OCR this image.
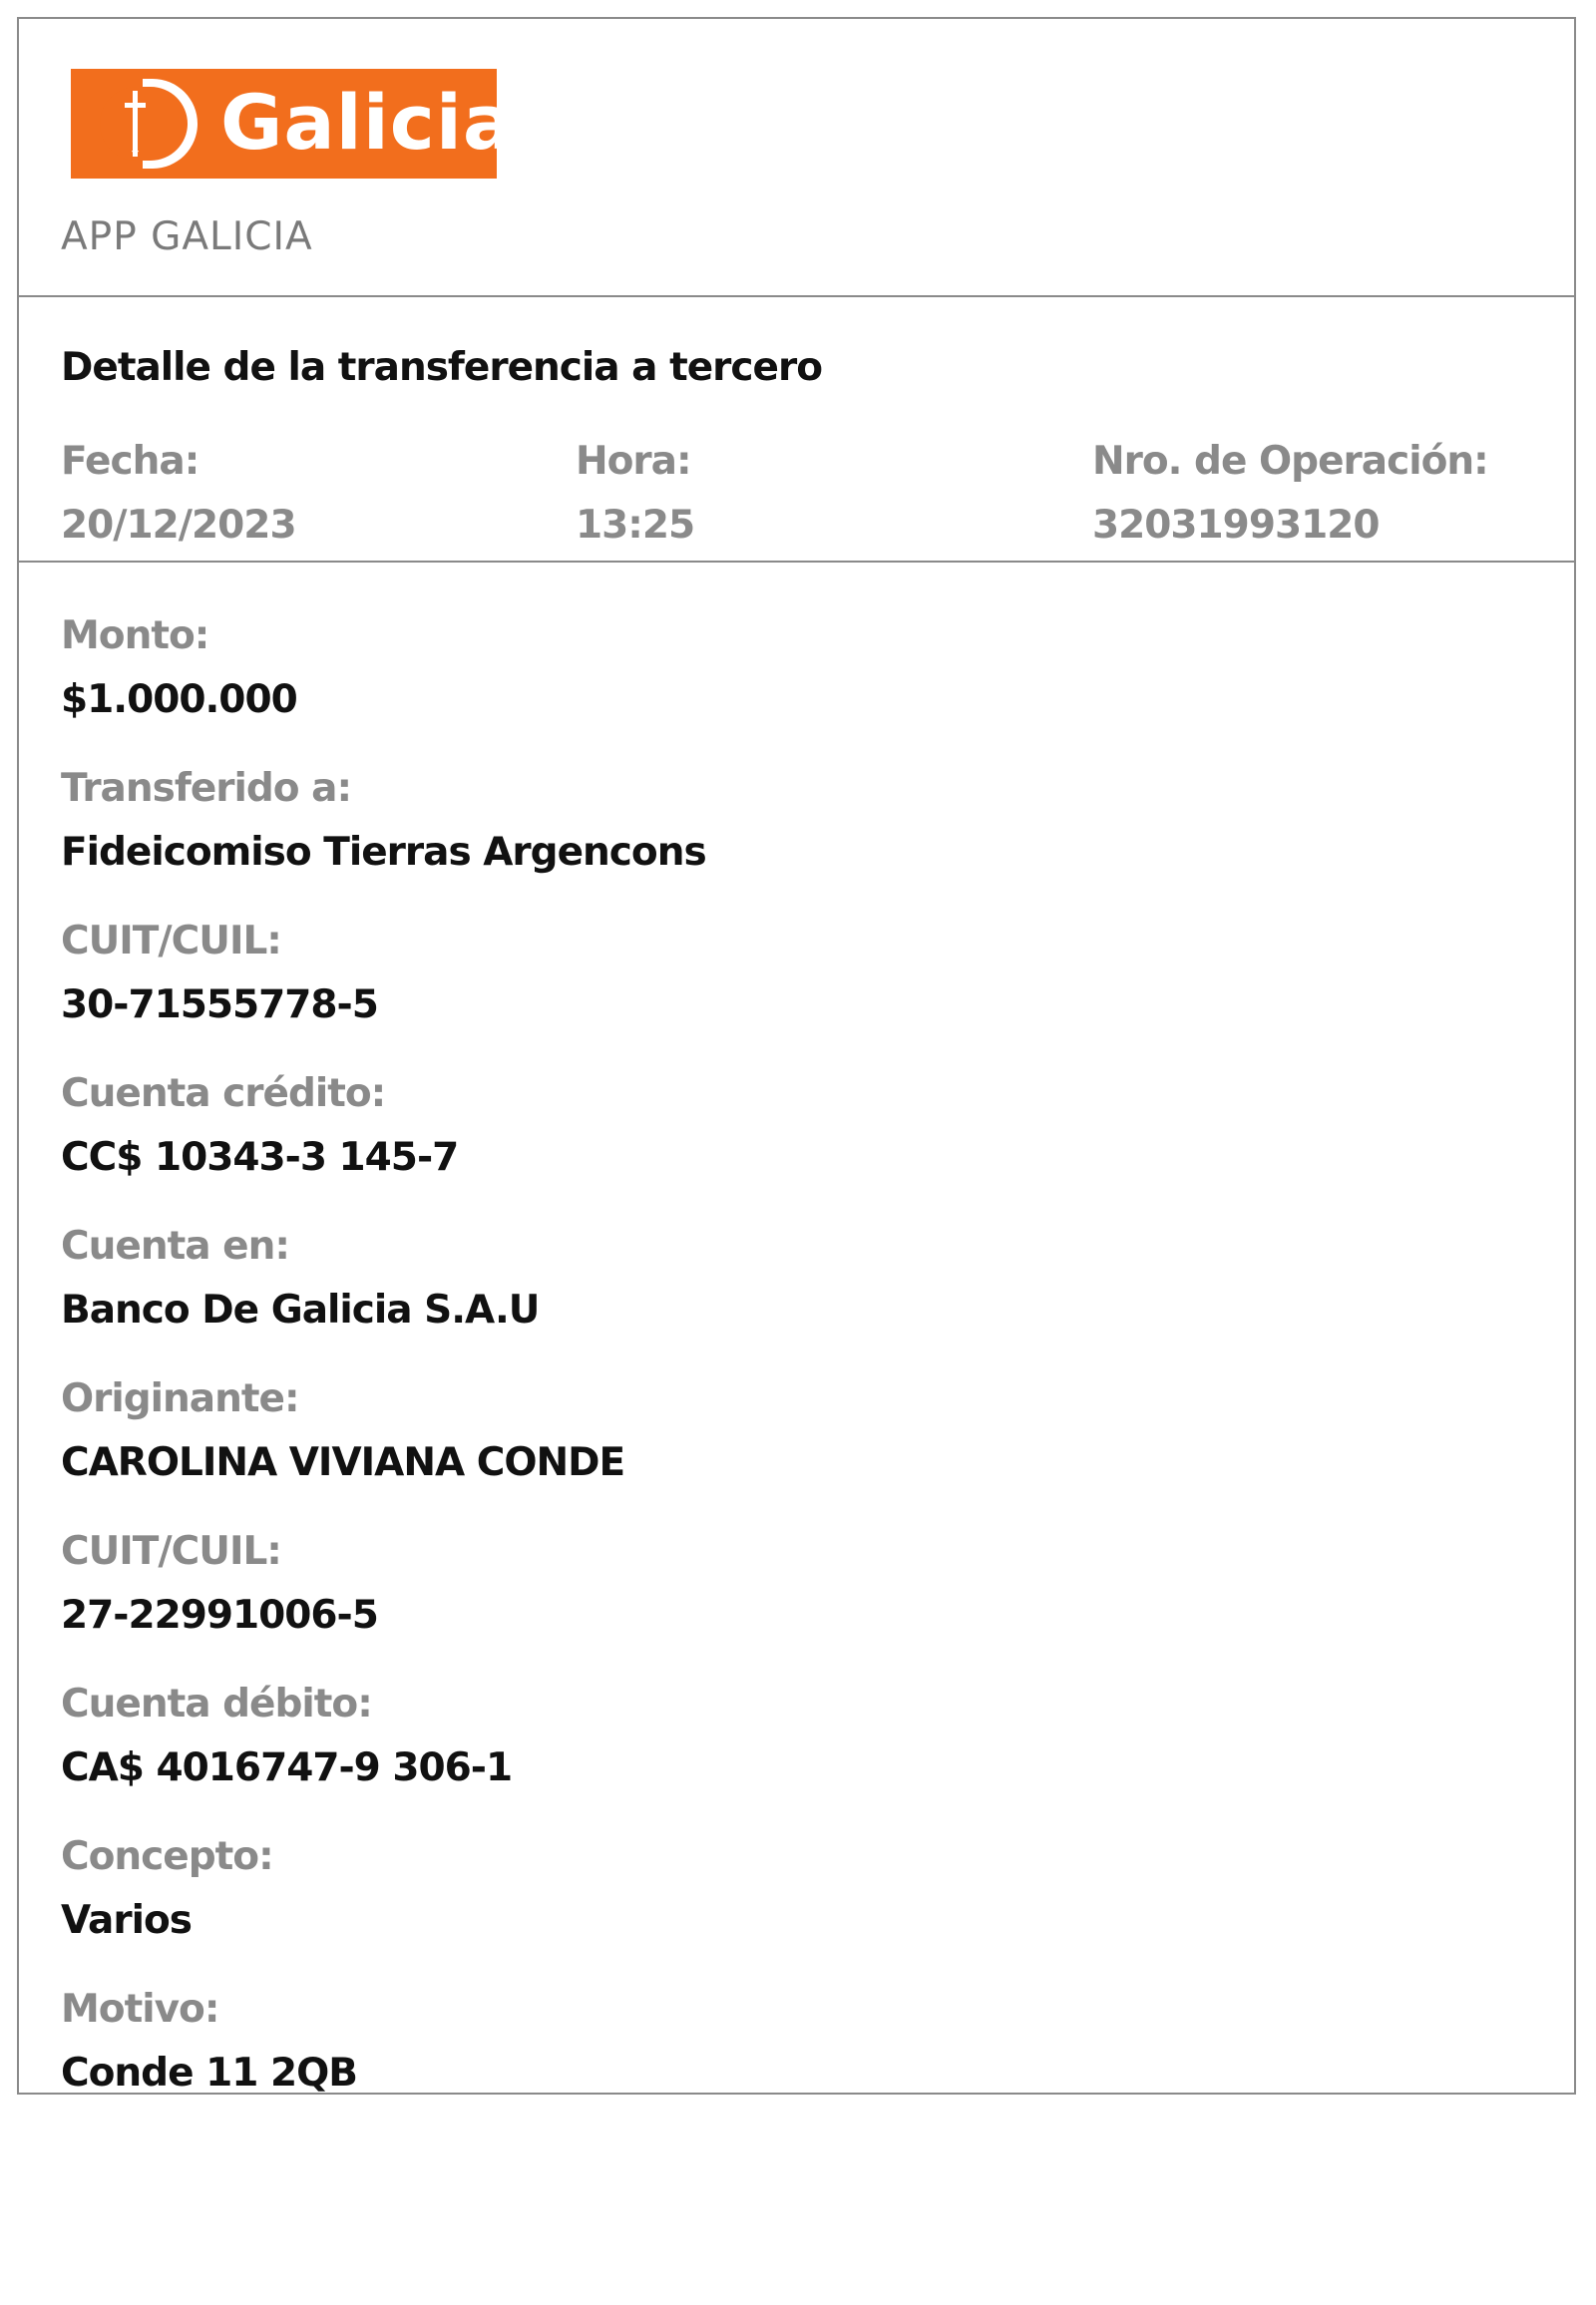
Galicia
APP GALICIA
Detalle de la transferencia a tercero
Fecha:
20/12/2023
Hora:
13:25
Nro. de Operación:
32031993120
Monto:
$1.000.000
Transferido a:
Fideicomiso Tierras Argencons
CUIT/CUIL:
30-71555778-5
Cuenta crédito:
CC$ 10343-3 145-7
Cuenta en:
Banco De Galicia S.A.U
Originante:
CAROLINA VIVIANA CONDE
CUIT/CUIL:
27-22991006-5
Cuenta débito:
CA$ 4016747-9 306-1
Concepto:
Varios
Motivo:
Conde 11 2QB
